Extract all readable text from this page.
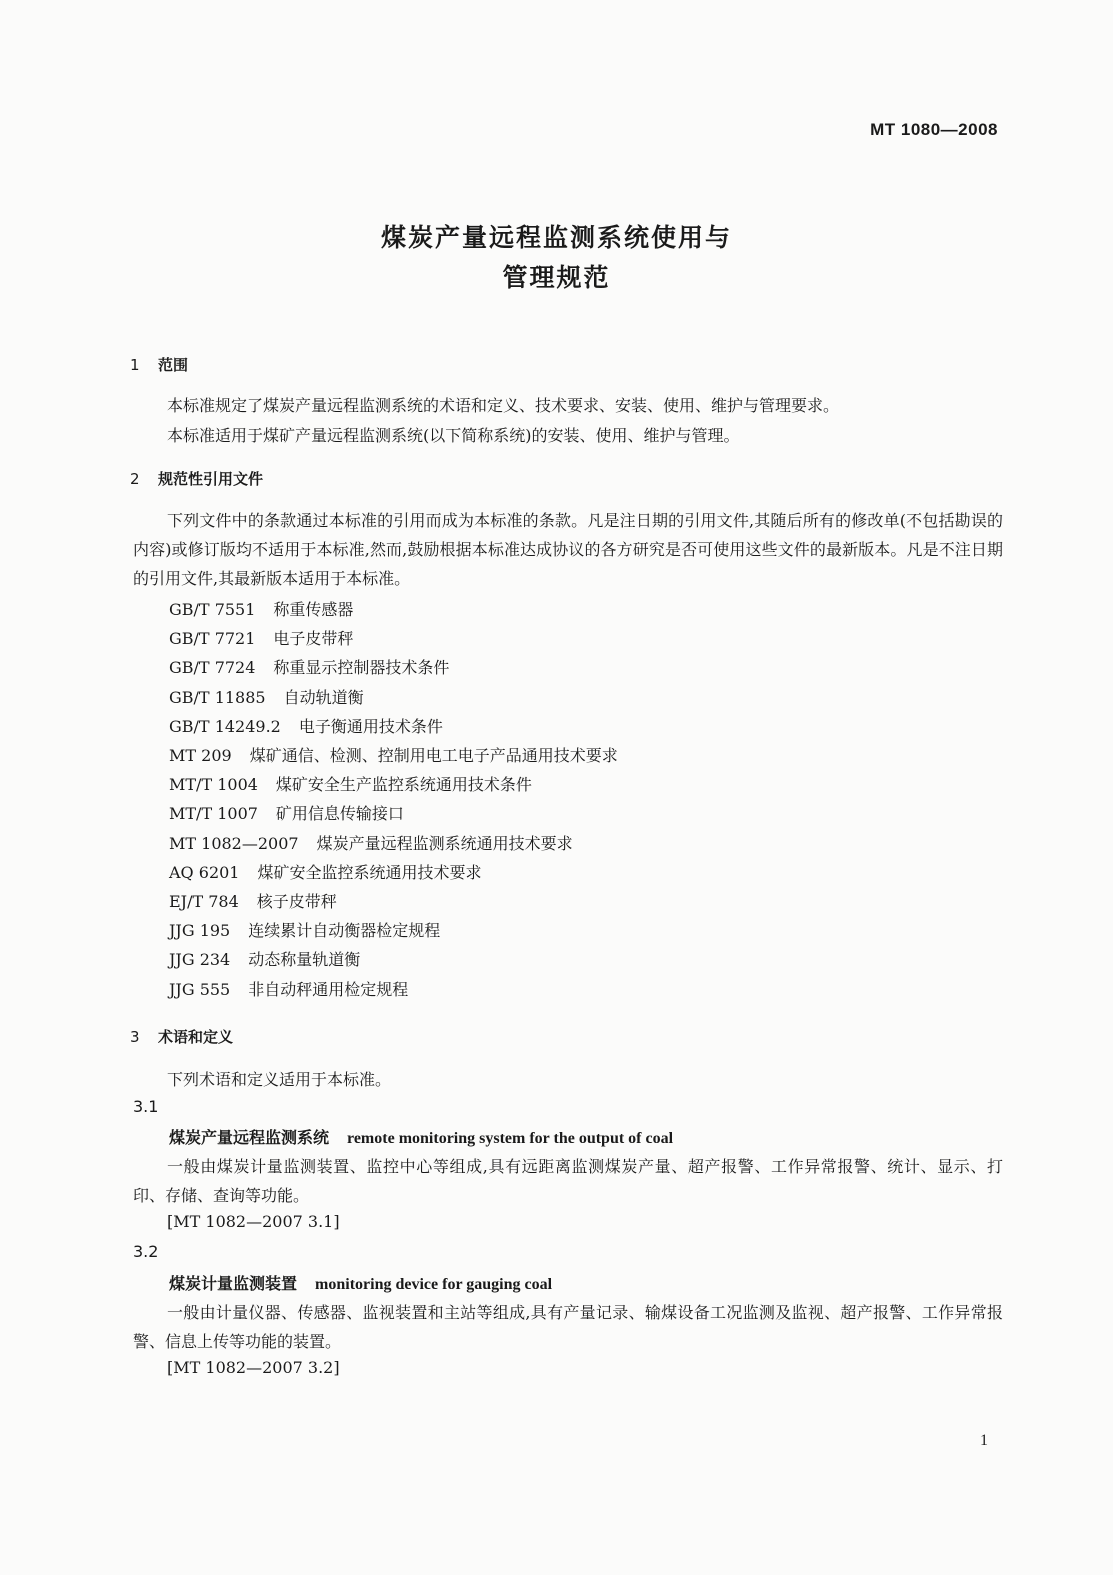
MT 1080—2008
煤炭产量远程监测系统使用与
管理规范
1 范围
本标准规定了煤炭产量远程监测系统的术语和定义、技术要求、安装、使用、维护与管理要求。
本标准适用于煤矿产量远程监测系统(以下简称系统)的安装、使用、维护与管理。
2 规范性引用文件
下列文件中的条款通过本标准的引用而成为本标准的条款。凡是注日期的引用文件,其随后所有的修改单(不包括勘误的内容)或修订版均不适用于本标准,然而,鼓励根据本标准达成协议的各方研究是否可使用这些文件的最新版本。凡是不注日期的引用文件,其最新版本适用于本标准。
GB/T 7551 称重传感器
GB/T 7721 电子皮带秤
GB/T 7724 称重显示控制器技术条件
GB/T 11885 自动轨道衡
GB/T 14249.2 电子衡通用技术条件
MT 209 煤矿通信、检测、控制用电工电子产品通用技术要求
MT/T 1004 煤矿安全生产监控系统通用技术条件
MT/T 1007 矿用信息传输接口
MT 1082—2007 煤炭产量远程监测系统通用技术要求
AQ 6201 煤矿安全监控系统通用技术要求
EJ/T 784 核子皮带秤
JJG 195 连续累计自动衡器检定规程
JJG 234 动态称量轨道衡
JJG 555 非自动秤通用检定规程
3 术语和定义
下列术语和定义适用于本标准。
3.1
煤炭产量远程监测系统 remote monitoring system for the output of coal
一般由煤炭计量监测装置、监控中心等组成,具有远距离监测煤炭产量、超产报警、工作异常报警、统计、显示、打印、存储、查询等功能。
[MT 1082—2007 3.1]
3.2
煤炭计量监测装置 monitoring device for gauging coal
一般由计量仪器、传感器、监视装置和主站等组成,具有产量记录、输煤设备工况监测及监视、超产报警、工作异常报警、信息上传等功能的装置。
[MT 1082—2007 3.2]
1
